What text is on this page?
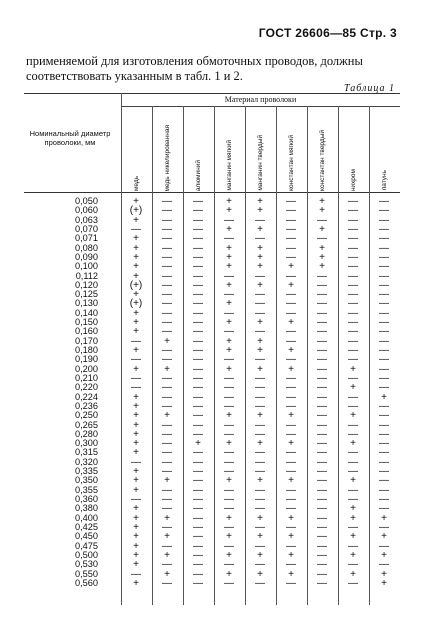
ГОСТ 26606—85 Стр. 3
применяемой для изготовления обмоточных проводов, должны соответствовать указанным в табл. 1 и 2.
Таблица 1
Материал проволоки
Номинальный диаметр проволоки, мм
медь	медь никелированная	алюминий	манганин мягкий	манганин твердый	константан мягкий	константан твердый	нихром	латунь
0,050	+	—	—	+	+	—	+	—	—
0,060	(+)	—	—	+	+	—	+	—	—
0,063	+	—	—	—	—	—	—	—	—
0,070	—	—	—	+	+	—	+	—	—
0,071	+	—	—	—	—	—	—	—	—
0,080	+	—	—	+	+	—	+	—	—
0,090	+	—	—	+	+	—	+	—	—
0,100	+	—	—	+	+	+	+	—	—
0,112	+	—	—	—	—	—	—	—	—
0,120	(+)	—	—	+	+	+	—	—	—
0,125	+	—	—	—	—	—	—	—	—
0,130	(+)	—	—	+	—	—	—	—	—
0,140	+	—	—	—	—	—	—	—	—
0,150	+	—	—	+	+	+	—	—	—
0,160	+	—	—	—	—	—	—	—	—
0,170	—	+	—	+	+	—	—	—	—
0,180	+	—	—	+	+	+	—	—	—
0,190	—	—	—	—	—	—	—	—	—
0,200	+	+	—	+	+	+	—	+	—
0,210	—	—	—	—	—	—	—	—	—
0,220	—	—	—	—	—	—	—	+	—
0,224	+	—	—	—	—	—	—	—	+
0,236	+	—	—	—	—	—	—	—	—
0,250	+	+	—	+	+	+	—	+	—
0,265	+	—	—	—	—	—	—	—	—
0,280	+	—	—	—	—	—	—	—	—
0,300	+	—	+	+	+	+	—	+	—
0,315	+	—	—	—	—	—	—	—	—
0,320	—	—	—	—	—	—	—	—	—
0,335	+	—	—	—	—	—	—	—	—
0,350	+	+	—	+	+	+	—	+	—
0,355	+	—	—	—	—	—	—	—	—
0,360	—	—	—	—	—	—	—	—	—
0,380	+	—	—	—	—	—	—	+	—
0,400	+	+	—	+	+	+	—	+	+
0,425	+	—	—	—	—	—	—	—	—
0,450	+	+	—	+	+	+	—	+	+
0,475	+	—	—	—	—	—	—	—	—
0,500	+	+	—	+	+	+	—	+	+
0,530	+	—	—	—	—	—	—	—	—
0,550	—	+	—	+	+	+	—	+	+
0,560	+	—	—	—	—	—	—	—	+
